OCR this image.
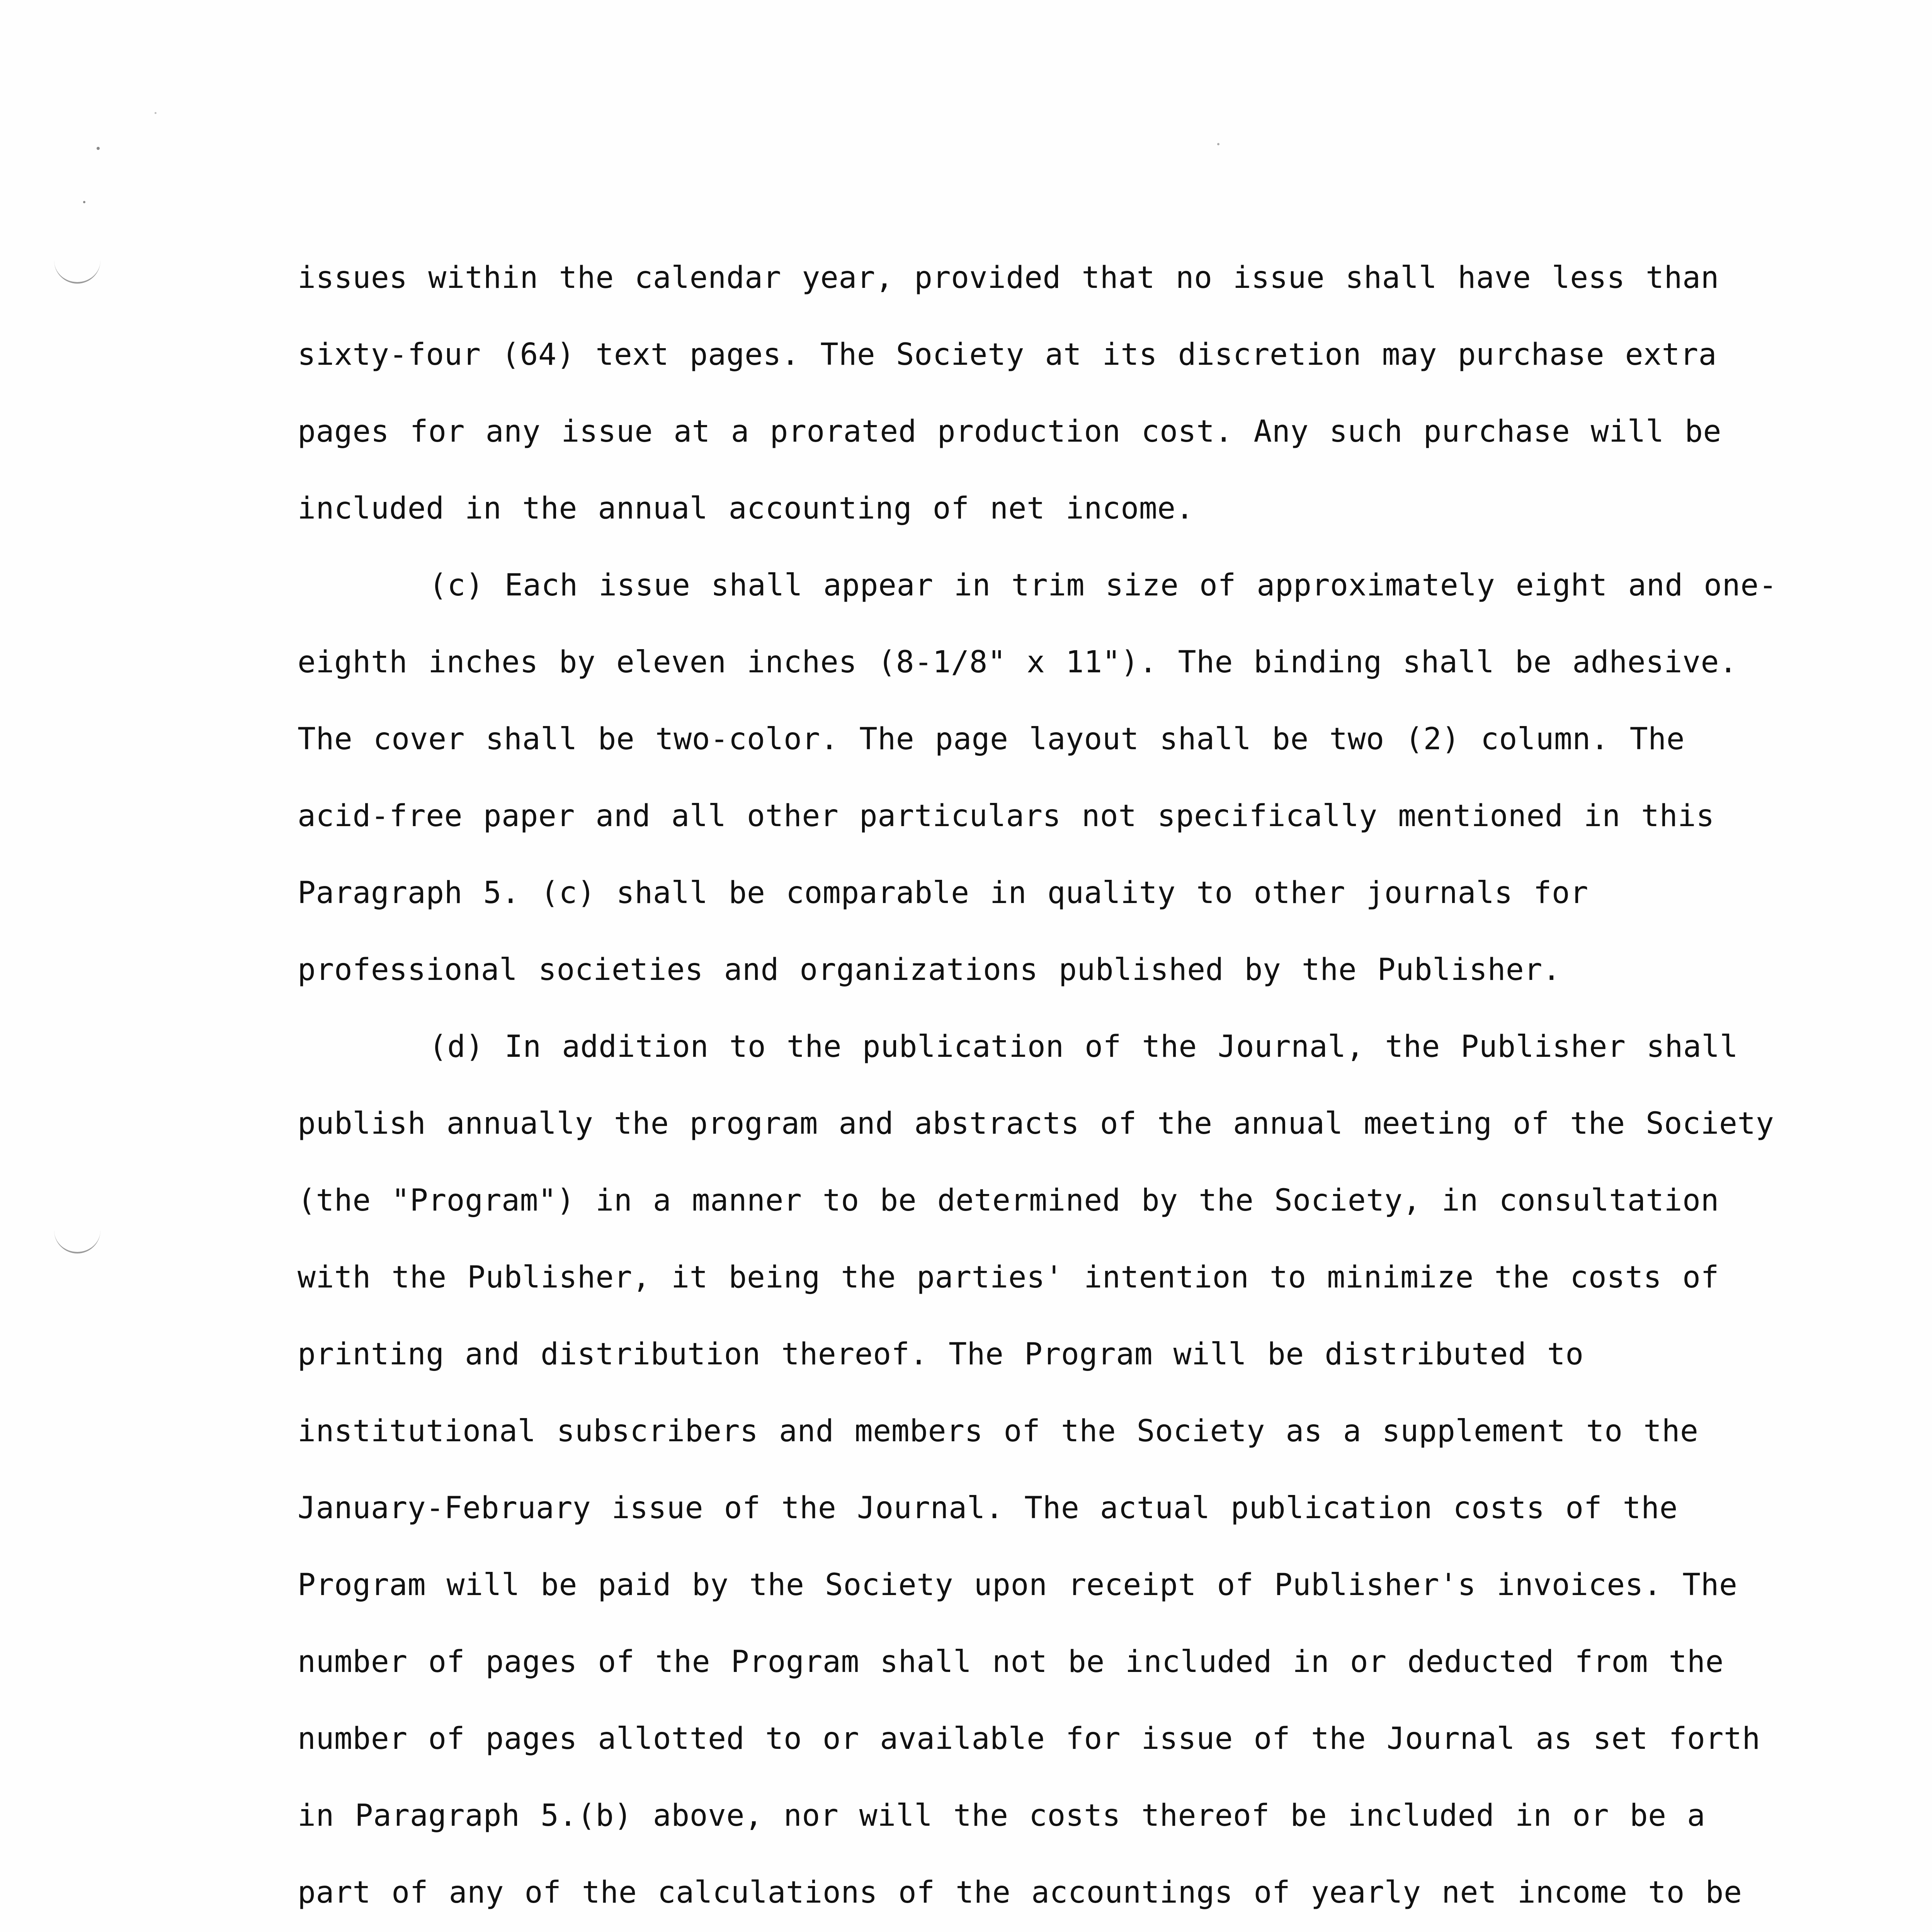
issues within the calendar year, provided that no issue shall have less than sixty-four (64) text pages. The Society at its discretion may purchase extra pages for any issue at a prorated production cost. Any such purchase will be included in the annual accounting of net income.

(c) Each issue shall appear in trim size of approximately eight and one-eighth inches by eleven inches (8-1/8" x 11"). The binding shall be adhesive. The cover shall be two-color. The page layout shall be two (2) column. The acid-free paper and all other particulars not specifically mentioned in this Paragraph 5. (c) shall be comparable in quality to other journals for professional societies and organizations published by the Publisher.

(d) In addition to the publication of the Journal, the Publisher shall publish annually the program and abstracts of the annual meeting of the Society (the "Program") in a manner to be determined by the Society, in consultation with the Publisher, it being the parties' intention to minimize the costs of printing and distribution thereof. The Program will be distributed to institutional subscribers and members of the Society as a supplement to the January-February issue of the Journal. The actual publication costs of the Program will be paid by the Society upon receipt of Publisher's invoices. The number of pages of the Program shall not be included in or deducted from the number of pages allotted to or available for issue of the Journal as set forth in Paragraph 5.(b) above, nor will the costs thereof be included in or be a part of any of the calculations of the accountings of yearly net income to be
